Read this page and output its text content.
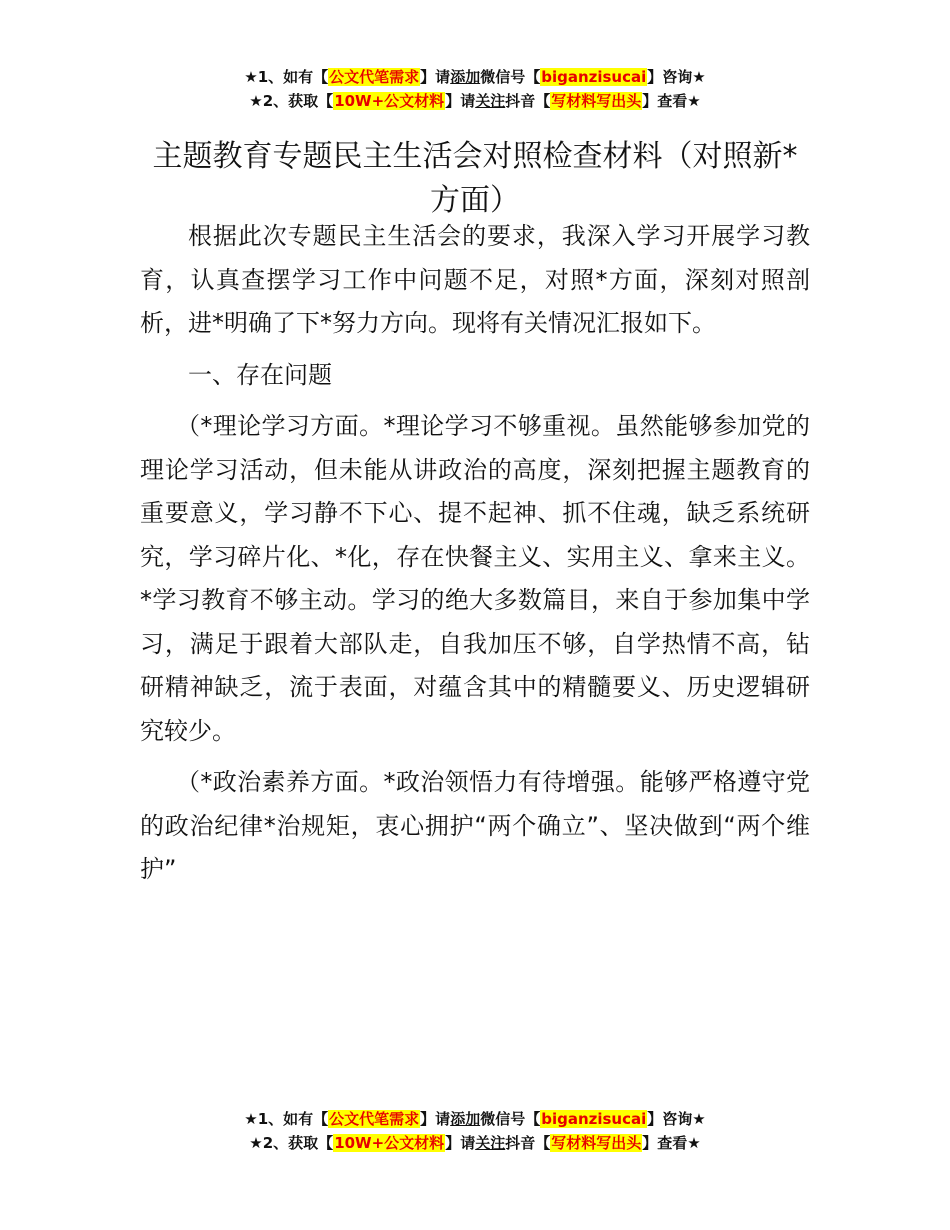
★1、如有【公文代笔需求】请添加微信号【biganzisucai】咨询★
★2、获取【10W+公文材料】请关注抖音【写材料写出头】查看★
主题教育专题民主生活会对照检查材料（对照新*方面）

根据此次专题民主生活会的要求，我深入学习开展学习教育，认真查摆学习工作中问题不足，对照*方面，深刻对照剖析，进*明确了下*努力方向。现将有关情况汇报如下。

一、存在问题

（*理论学习方面。*理论学习不够重视。虽然能够参加党的理论学习活动，但未能从讲政治的高度，深刻把握主题教育的重要意义，学习静不下心、提不起神、抓不住魂，缺乏系统研究，学习碎片化、*化，存在快餐主义、实用主义、拿来主义。*学习教育不够主动。学习的绝大多数篇目，来自于参加集中学习，满足于跟着大部队走，自我加压不够，自学热情不高，钻研精神缺乏，流于表面，对蕴含其中的精髓要义、历史逻辑研究较少。

（*政治素养方面。*政治领悟力有待增强。能够严格遵守党的政治纪律*治规矩，衷心拥护“两个确立”、坚决做到“两个维护”

★1、如有【公文代笔需求】请添加微信号【biganzisucai】咨询★
★2、获取【10W+公文材料】请关注抖音【写材料写出头】查看★
